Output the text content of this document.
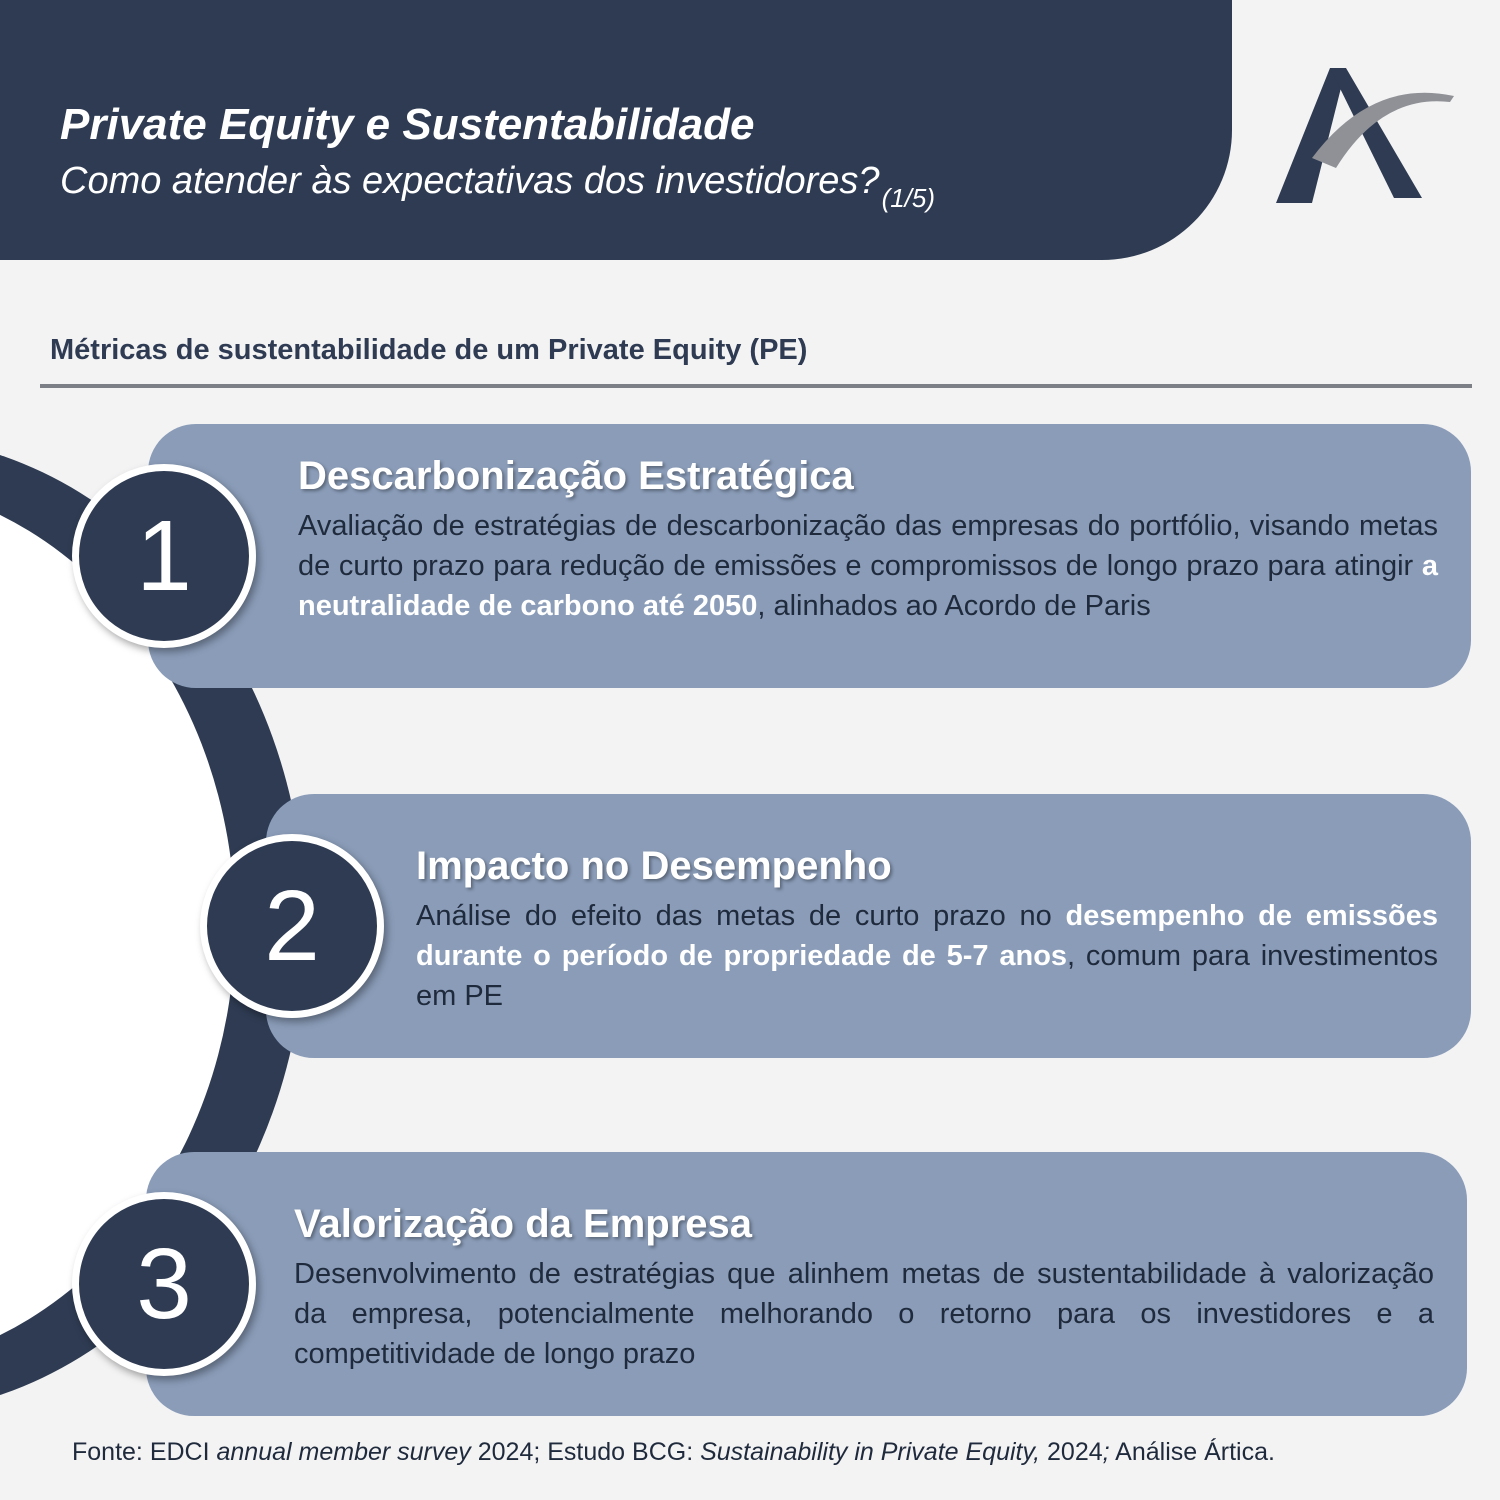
Private Equity e Sustentabilidade

Como atender às expectativas dos $investidores?_{(1/5)}$

Métricas de sustentabilidade de um Private Equity (PE)
Descarbonização Estratégica

Avaliação de estratégias de descarbonização das empresas do portfólio, visando metas de curto prazo para redução de emissões e compromissos de longo prazo para atingir a neutralidade de carbono até 2050, alinhados ao Acordo de Paris

1
Impacto no Desempenho

Análise do efeito das metas de curto prazo no desempenho de emissões durante o período de propriedade de 5-7 anos, comum para investimentos em PE

2
Valorização da Empresa

Desenvolvimento de estratégias que alinhem metas de sustentabilidade à valorização da empresa, potencialmente melhorando o retorno para os investidores e a competitividade de longo prazo

3

Fonte: EDCI annual member survey 2024; Estudo BCG: Sustainability in Private Equity, 2024; Análise Ártica.
